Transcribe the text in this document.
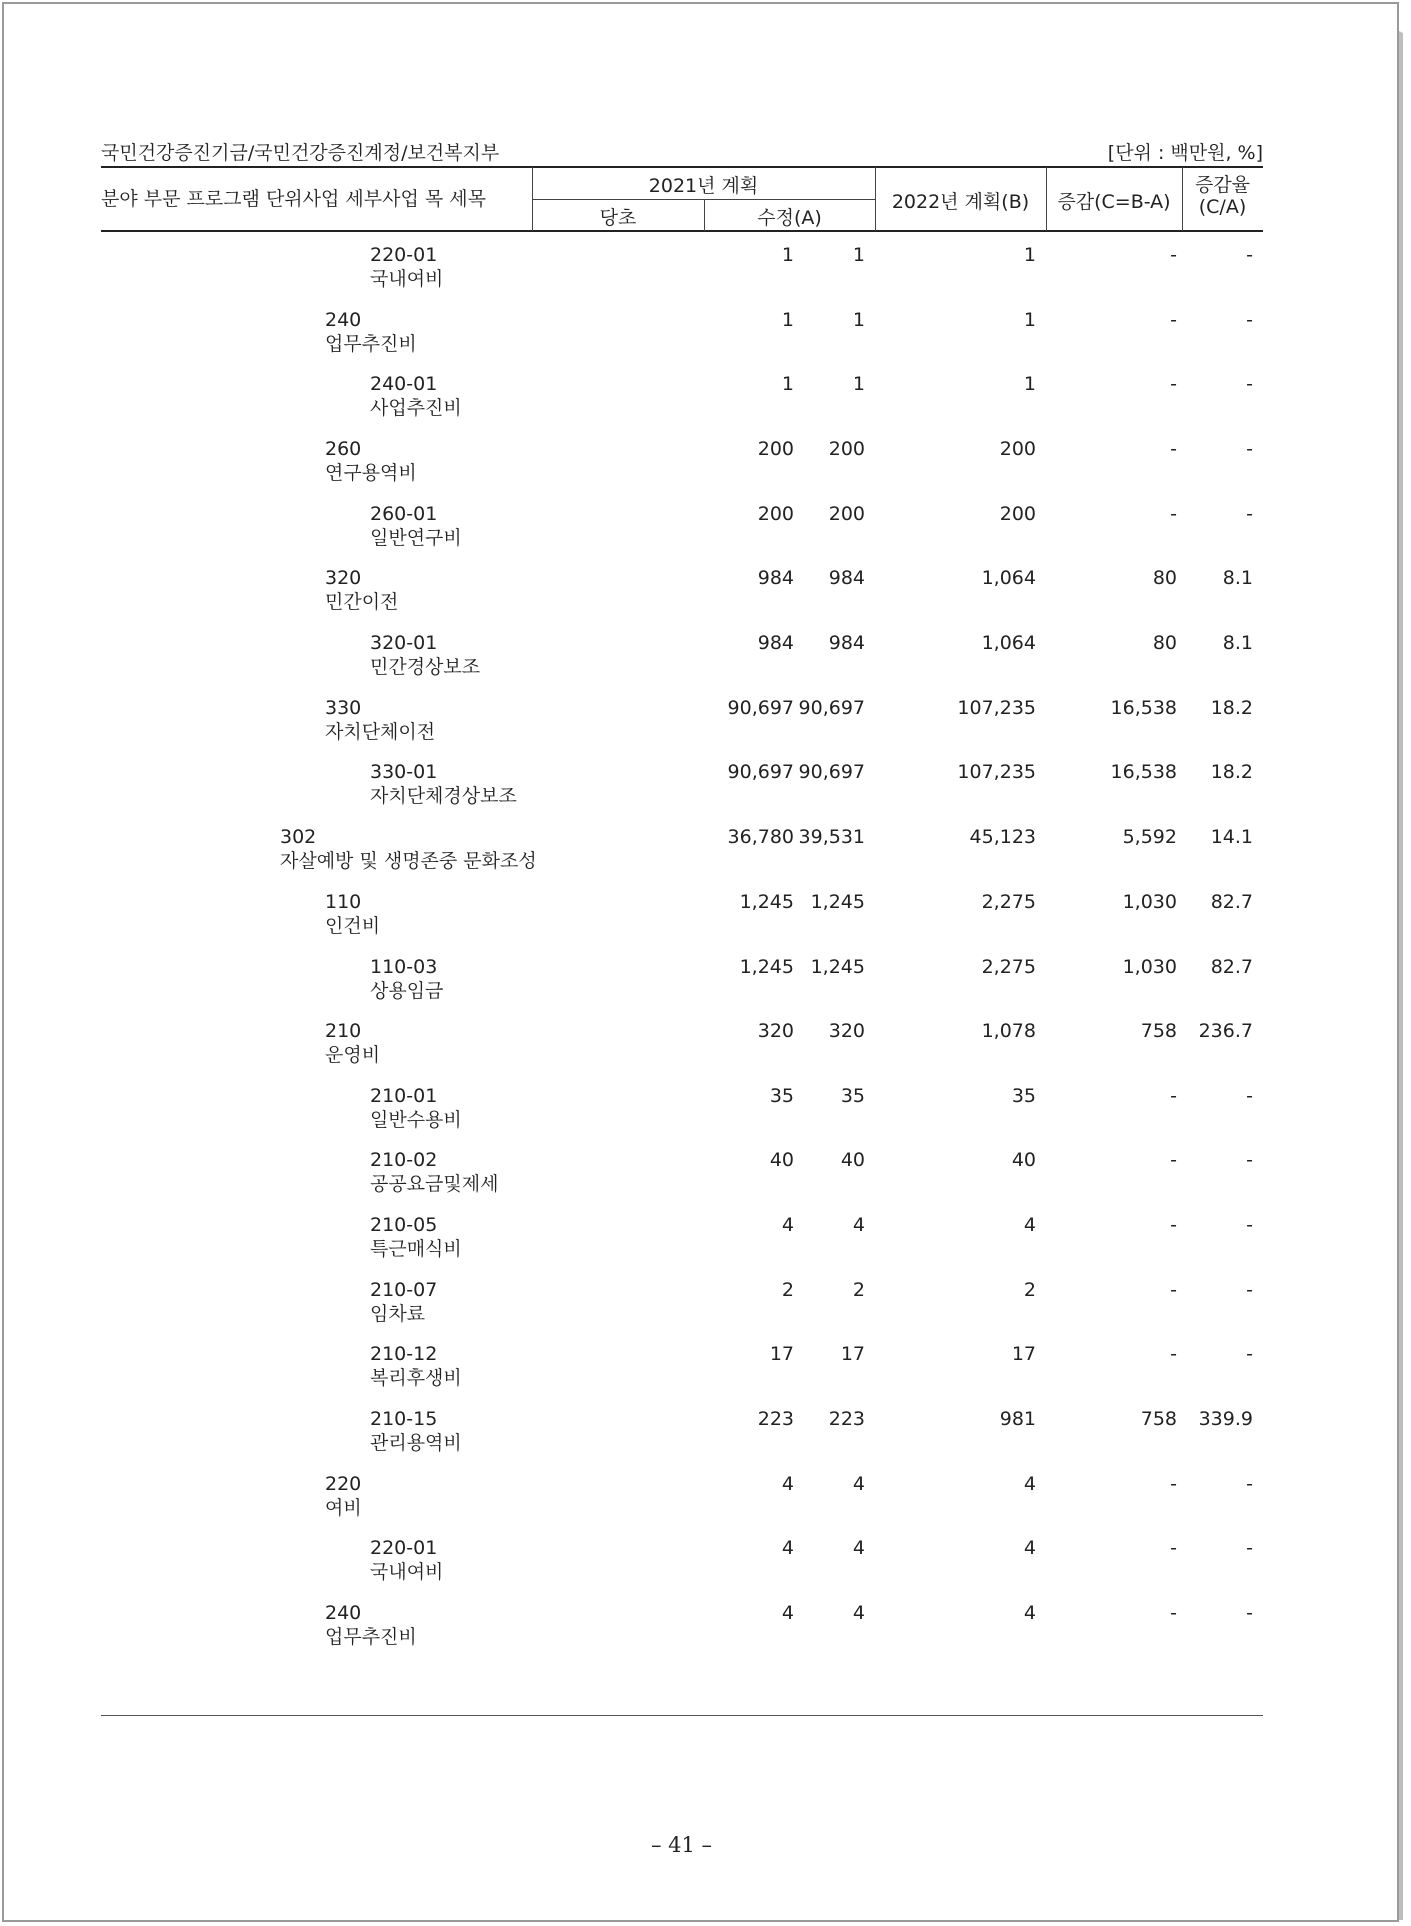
국민건강증진기금/국민건강증진계정/보건복지부	[단위 : 백만원, %]
분야 부문 프로그램 단위사업 세부사업 목 세목
2021년 계획
당초	수정(A)
2022년 계획(B)	증감(C=B-A)
증감율
(C/A)
220-01
국내여비
1	1	1	-	-
240
업무추진비
1	1	1	-	-
240-01
사업추진비
1	1	1	-	-
260
연구용역비
200 200	200	-	-
260-01
일반연구비
200 200	200	-	-
320
민간이전
984 984	1,064	80 8.1
320-01
민간경상보조
984 984	1,064	80 8.1
330
자치단체이전
90,697 90,697	107,235	16,538 18.2
330-01
자치단체경상보조
90,697 90,697	107,235	16,538 18.2
302
자살예방 및 생명존중 문화조성
36,780 39,531	45,123	5,592 14.1
110
인건비
1,245 1,245	2,275	1,030 82.7
110-03
상용임금
1,245 1,245	2,275	1,030 82.7
210
운영비
320 320	1,078	758 236.7
210-01
일반수용비
35 35	35	-	-
210-02
공공요금및제세
40 40	40	-	-
210-05
특근매식비
4	4	4	-	-
210-07
임차료
2	2	2	-	-
210-12
복리후생비
17 17	17	-	-
210-15
관리용역비
223 223	981	758 339.9
220
여비
4	4	4	-	-
220-01
국내여비
4	4	4	-	-
240
업무추진비
4	4	4	-	-
– 41 –
